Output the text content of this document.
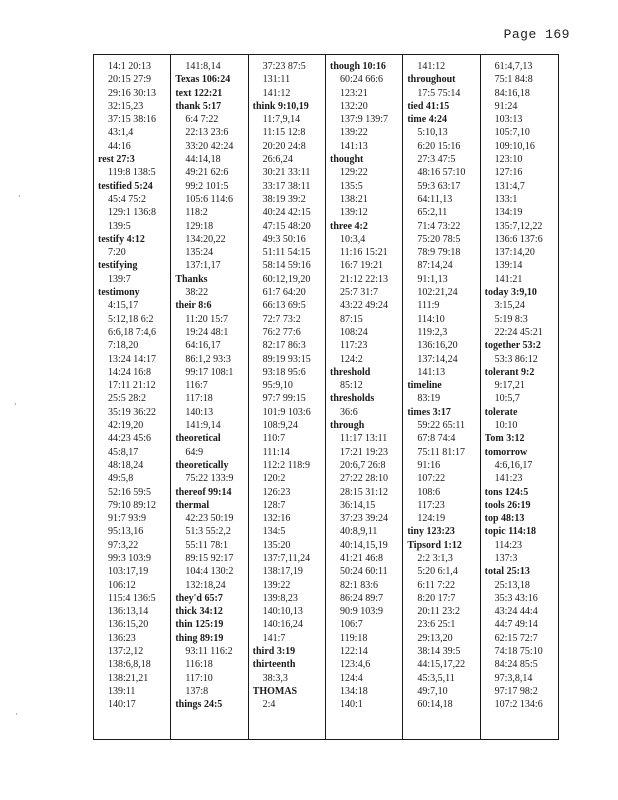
Page 169
14:1 20:13
20:15 27:9
29:16 30:13
32:15,23
37:15 38:16
43:1,4
44:16
rest 27:3
119:8 138:5
testified 5:24
45:4 75:2
129:1 136:8
139:5
testify 4:12
7:20
testifying
139:7
testimony
4:15,17
5:12,18 6:2
6:6,18 7:4,6
7:18,20
13:24 14:17
14:24 16:8
17:11 21:12
25:5 28:2
35:19 36:22
42:19,20
44:23 45:6
45:8,17
48:18,24
49:5,8
52:16 59:5
79:10 89:12
91:7 93:9
95:13,16
97:3,22
99:3 103:9
103:17,19
106:12
115:4 136:5
136:13,14
136:15,20
136:23
137:2,12
138:6,8,18
138:21,21
139:11
140:17
141:8,14
Texas 106:24
text 122:21
thank 5:17
6:4 7:22
22:13 23:6
33:20 42:24
44:14,18
49:21 62:6
99:2 101:5
105:6 114:6
118:2
129:18
134:20,22
135:24
137:1,17
Thanks
38:22
their 8:6
11:20 15:7
19:24 48:1
64:16,17
86:1,2 93:3
99:17 108:1
116:7
117:18
140:13
141:9,14
theoretical
64:9
theoretically
75:22 133:9
thereof 99:14
thermal
42:23 50:19
51:3 55:2,2
55:11 78:1
89:15 92:17
104:4 130:2
132:18,24
they'd 65:7
thick 34:12
thin 125:19
thing 89:19
93:11 116:2
116:18
117:10
137:8
things 24:5
37:23 87:5
131:11
141:12
think 9:10,19
11:7,9,14
11:15 12:8
20:20 24:8
26:6,24
30:21 33:11
33:17 38:11
38:19 39:2
40:24 42:15
47:15 48:20
49:3 50:16
51:11 54:15
58:14 59:16
60:12,19,20
61:7 64:20
66:13 69:5
72:7 73:2
76:2 77:6
82:17 86:3
89:19 93:15
93:18 95:6
95:9,10
97:7 99:15
101:9 103:6
108:9,24
110:7
111:14
112:2 118:9
120:2
126:23
128:7
132:16
134:5
135:20
137:7,11,24
138:17,19
139:22
139:8,23
140:10,13
140:16,24
141:7
third 3:19
thirteenth
38:3,3
THOMAS
2:4
though 10:16
60:24 66:6
123:21
132:20
137:9 139:7
139:22
141:13
thought
129:22
135:5
138:21
139:12
three 4:2
10:3,4
11:16 15:21
16:7 19:21
21:12 22:13
25:7 31:7
43:22 49:24
87:15
108:24
117:23
124:2
threshold
85:12
thresholds
36:6
through
11:17 13:11
17:21 19:23
20:6,7 26:8
27:22 28:10
28:15 31:12
36:14,15
37:23 39:24
40:8,9,11
40:14,15,19
41:21 46:8
50:24 60:11
82:1 83:6
86:24 89:7
90:9 103:9
106:7
119:18
122:14
123:4,6
124:4
134:18
140:1
141:12
throughout
17:5 75:14
tied 41:15
time 4:24
5:10,13
6:20 15:16
27:3 47:5
48:16 57:10
59:3 63:17
64:11,13
65:2,11
71:4 73:22
75:20 78:5
78:9 79:18
87:14,24
91:1,13
102:21,24
111:9
114:10
119:2,3
136:16,20
137:14,24
141:13
timeline
83:19
times 3:17
59:22 65:11
67:8 74:4
75:11 81:17
91:16
107:22
108:6
117:23
124:19
tiny 123:23
Tipsord 1:12
2:2 3:1,3
5:20 6:1,4
6:11 7:22
8:20 17:7
20:11 23:2
23:6 25:1
29:13,20
38:14 39:5
44:15,17,22
45:3,5,11
49:7,10
60:14,18
61:4,7,13
75:1 84:8
84:16,18
91:24
103:13
105:7,10
109:10,16
123:10
127:16
131:4,7
133:1
134:19
135:7,12,22
136:6 137:6
137:14,20
139:14
141:21
today 3:9,10
3:15,24
5:19 8:3
22:24 45:21
together 53:2
53:3 86:12
tolerant 9:2
9:17,21
10:5,7
tolerate
10:10
Tom 3:12
tomorrow
4:6,16,17
141:23
tons 124:5
tools 26:19
top 48:13
topic 114:18
114:23
137:3
total 25:13
25:13,18
35:3 43:16
43:24 44:4
44:7 49:14
62:15 72:7
74:18 75:10
84:24 85:5
97:3,8,14
97:17 98:2
107:2 134:6
·
·
·
